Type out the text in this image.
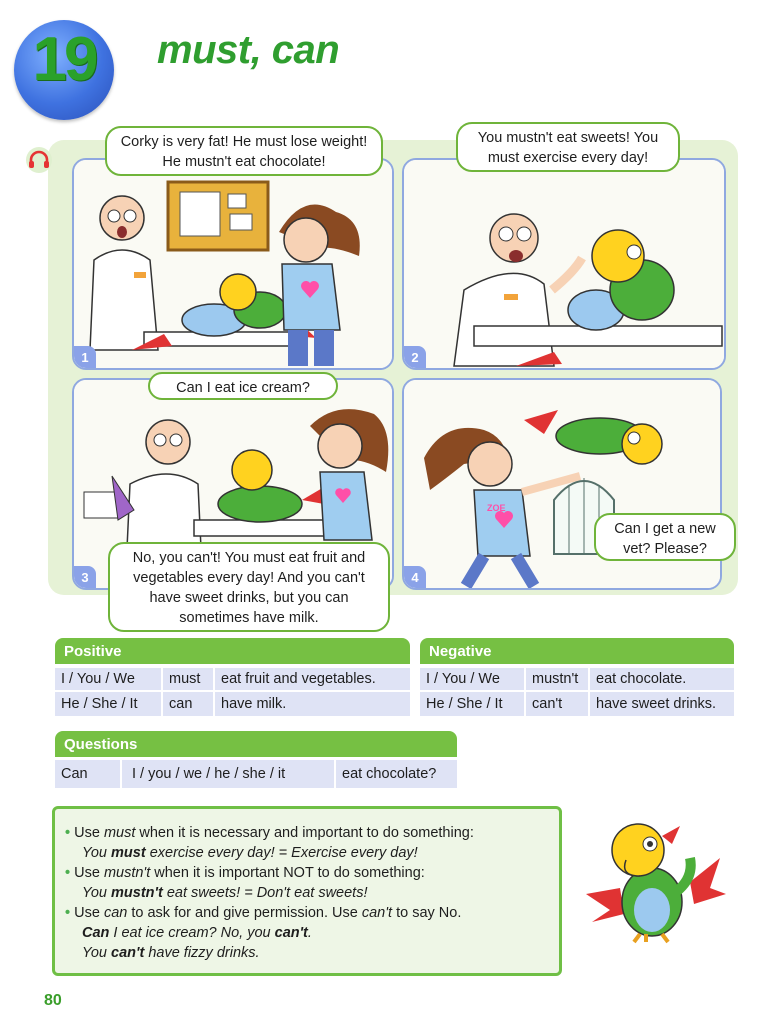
19	must, can
1
Corky is very fat! He must lose weight! He mustn't eat chocolate!
2
You mustn't eat sweets! You must exercise every day!
3
Can I eat ice cream?
No, you can't! You must eat fruit and vegetables every day! And you can't have sweet drinks, but you can sometimes have milk.
4
ZOE
Can I get a new vet? Please?
Positive
I / You / We	must	eat fruit and vegetables.
He / She / It	can	have milk.
Negative
I / You / We	mustn't	eat chocolate.
He / She / It	can't	have sweet drinks.
Questions
Can	I / you / we / he / she / it	eat chocolate?
• Use must when it is necessary and important to do something:
You must exercise every day! = Exercise every day!
• Use mustn't when it is important NOT to do something:
You mustn't eat sweets! = Don't eat sweets!
• Use can to ask for and give permission. Use can't to say No.
Can I eat ice cream? No, you can't.
You can't have fizzy drinks.
80
